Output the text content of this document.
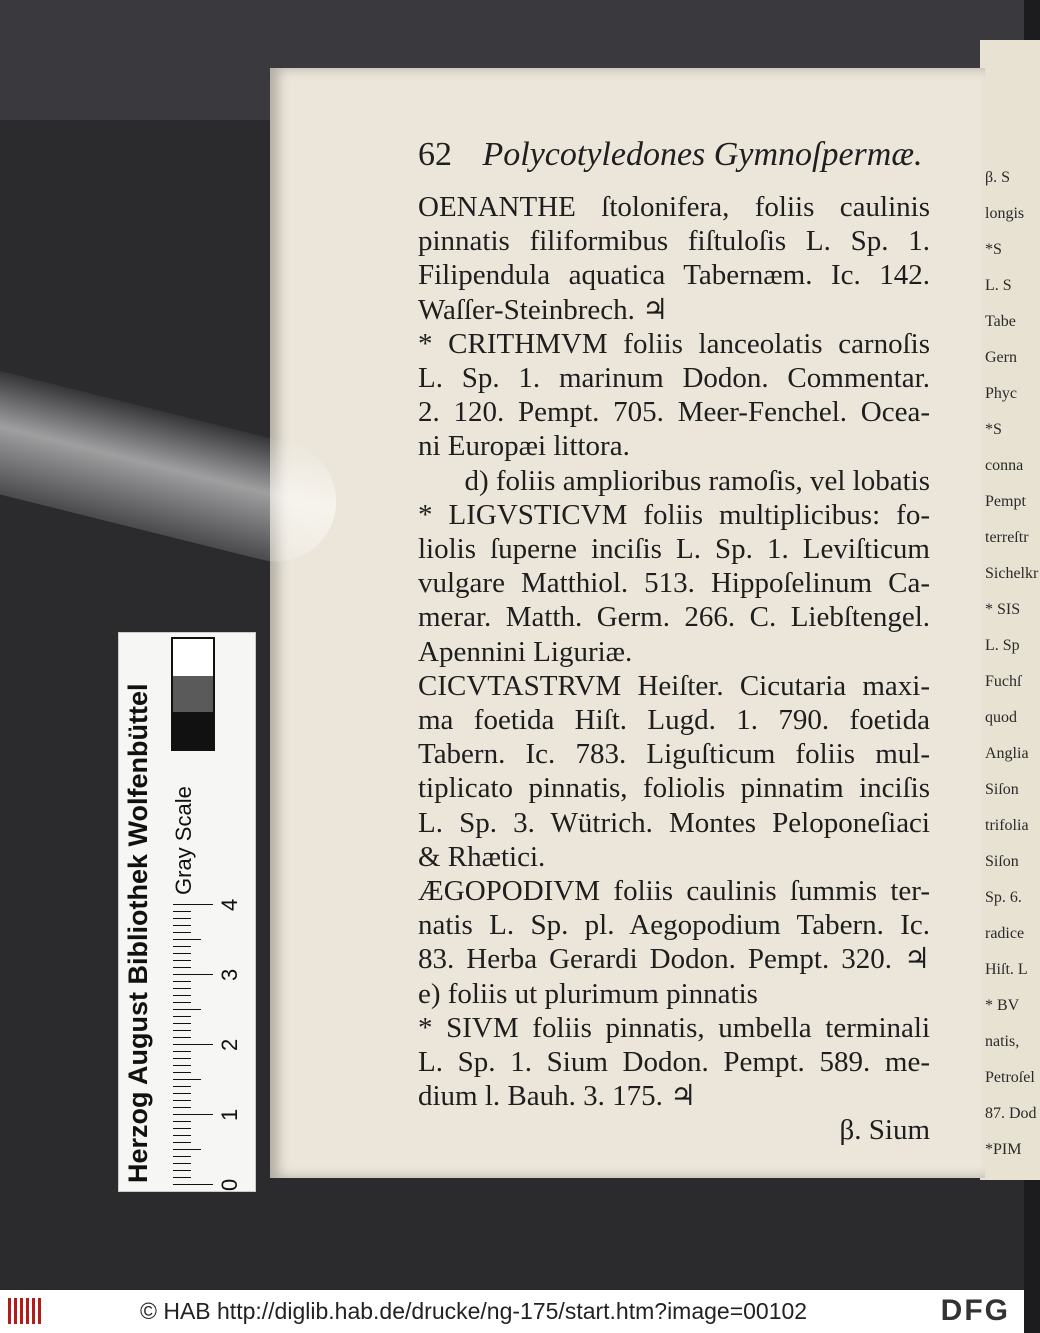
β. S
longis
*S
L. S
Tabe
Gern
Phyc
*S
conna
Pempt
terreſtr
Sichelkr
* SIS
L. Sp
Fuchſ
quod
Anglia
Siſon
trifolia
Siſon
Sp. 6.
radice
Hiſt. L
* BV
natis,
Petroſel
87. Dod
*PIM
62 Polycotyledones Gymnoſpermæ.
OENANTHE ſtolonifera, foliis caulinis
pinnatis filiformibus fiſtuloſis L. Sp. 1.
Filipendula aquatica Tabernæm. Ic. 142.
Waſſer-Steinbrech. ♃
* CRITHMVM foliis lanceolatis carnoſis
L. Sp. 1. marinum Dodon. Commentar.
2. 120. Pempt. 705. Meer-Fenchel. Ocea-
ni Europæi littora.
d) foliis amplioribus ramoſis, vel lobatis
* LIGVSTICVM foliis multiplicibus: fo-
liolis ſuperne inciſis L. Sp. 1. Leviſticum
vulgare Matthiol. 513. Hippoſelinum Ca-
merar. Matth. Germ. 266. C. Liebſtengel.
Apennini Liguriæ.
CICVTASTRVM Heiſter. Cicutaria maxi-
ma foetida Hiſt. Lugd. 1. 790. foetida
Tabern. Ic. 783. Liguſticum foliis mul-
tiplicato pinnatis, foliolis pinnatim inciſis
L. Sp. 3. Wütrich. Montes Peloponeſiaci
& Rhætici.
ÆGOPODIVM foliis caulinis ſummis ter-
natis L. Sp. pl. Aegopodium Tabern. Ic.
83. Herba Gerardi Dodon. Pempt. 320. ♃
e) foliis ut plurimum pinnatis
* SIVM foliis pinnatis, umbella terminali
L. Sp. 1. Sium Dodon. Pempt. 589. me-
dium l. Bauh. 3. 175. ♃
β. Sium
Herzog August Bibliothek Wolfenbüttel
0
1
2
3
4
Gray Scale
© HAB http://diglib.hab.de/drucke/ng-175/start.htm?image=00102	DFG
